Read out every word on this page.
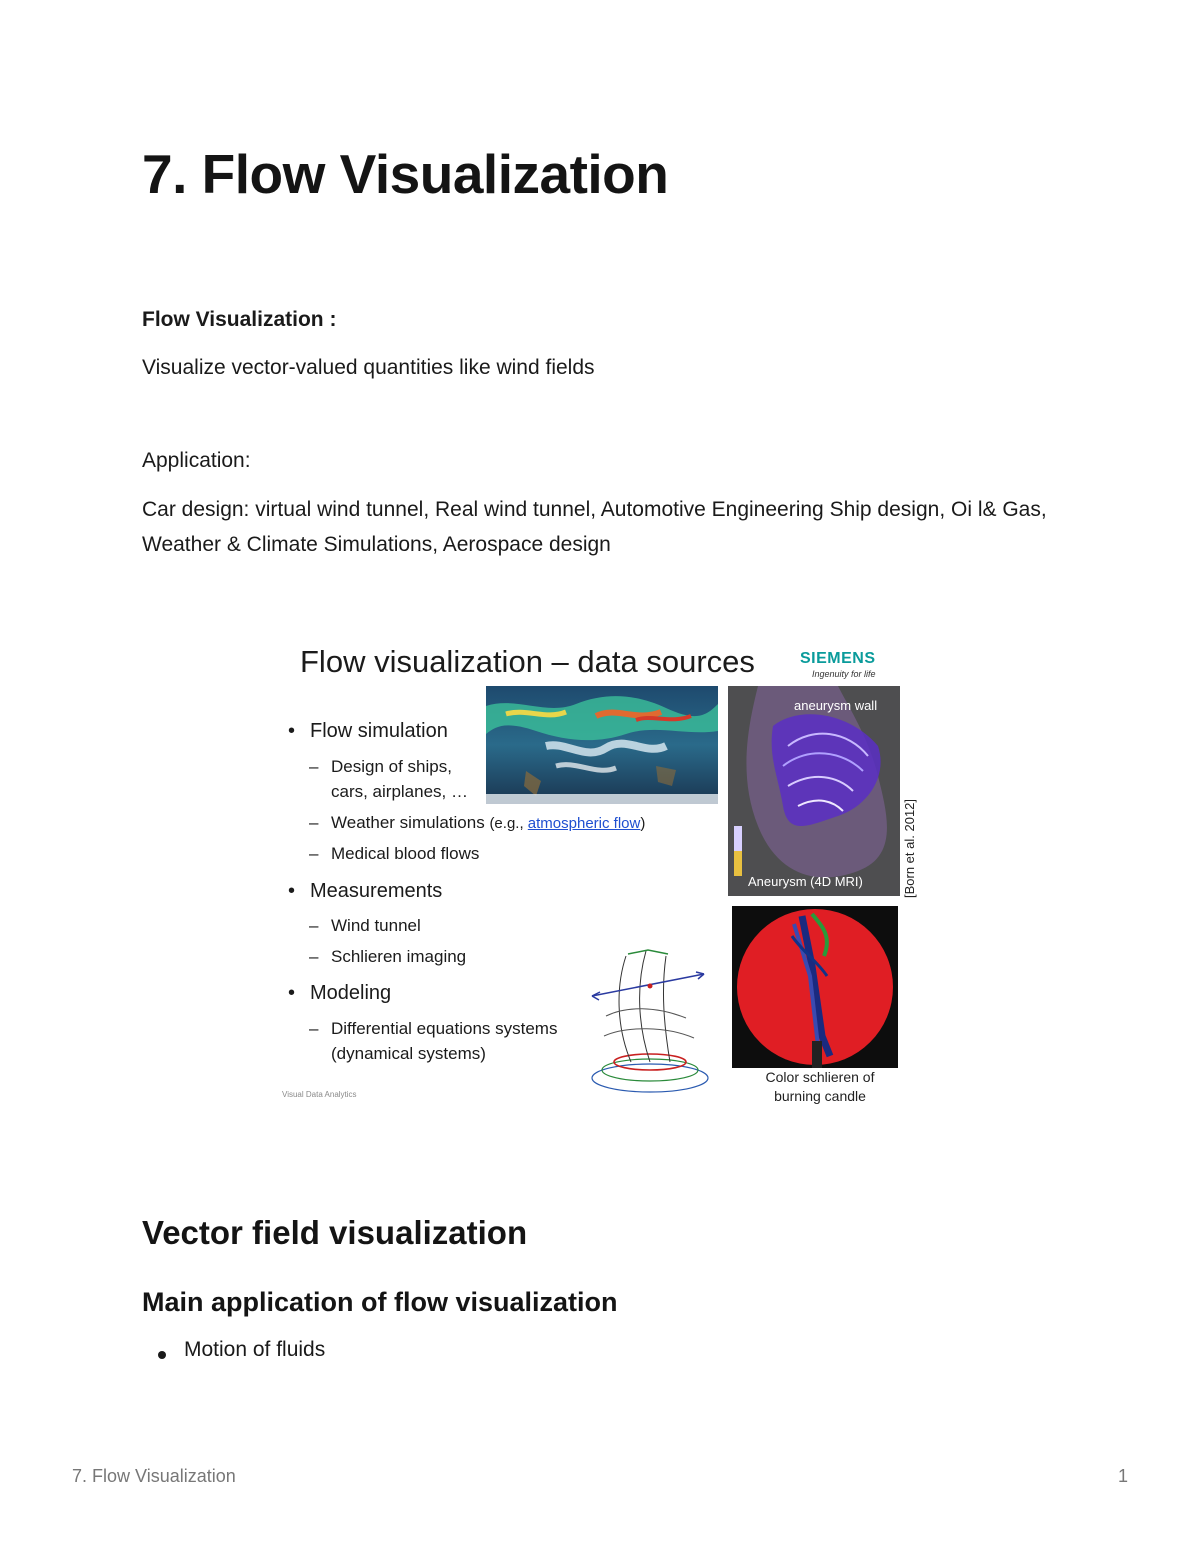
7. Flow Visualization
Flow Visualization :

Visualize vector-valued quantities like wind fields

Application:

Car design: virtual wind tunnel, Real wind tunnel, Automotive Engineering Ship design, Oi l& Gas, Weather & Climate Simulations, Aerospace design

Flow visualization – data sources	SIEMENS
Ingenuity for life
aneurysm wall
Aneurysm (4D MRI)	[Born et al. 2012]
Color schlieren of
burning candle
• Flow simulation
– Design of ships,
cars, airplanes, …
– Weather simulations (e.g., atmospheric flow)
– Medical blood flows
• Measurements
– Wind tunnel
– Schlieren imaging
• Modeling
– Differential equations systems
(dynamical systems)
Visual Data Analytics
Vector field visualization
Main application of flow visualization
Motion of fluids
7. Flow Visualization	1
